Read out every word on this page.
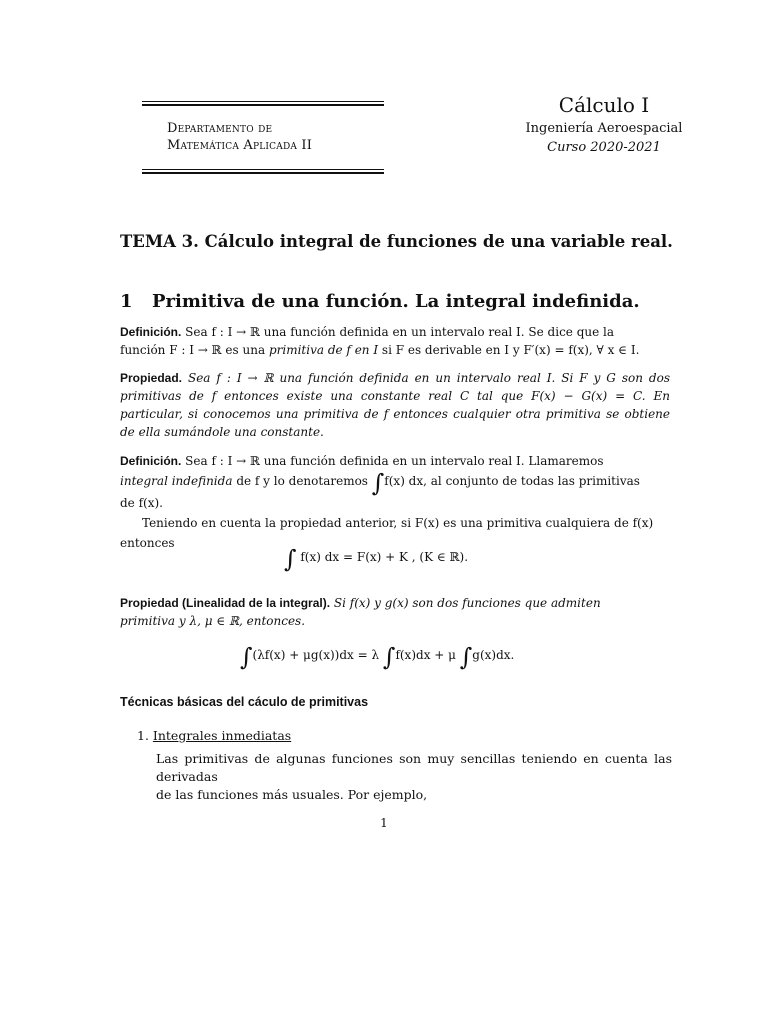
Departamento de
Matemática Aplicada II
Cálculo I
Ingeniería Aeroespacial
Curso 2020-2021
TEMA 3. Cálculo integral de funciones de una variable real.
1 Primitiva de una función. La integral indefinida.
Definición. Sea f : I → ℝ una función definida en un intervalo real I. Se dice que la
función F : I → ℝ es una primitiva de f en I si F es derivable en I y F′(x) = f(x), ∀ x ∈ I.
Propiedad. Sea f : I → ℝ una función definida en un intervalo real I. Si F y G son dos primitivas de f entonces existe una constante real C tal que F(x) − G(x) = C. En particular, si conocemos una primitiva de f entonces cualquier otra primitiva se obtiene de ella sumándole una constante.
Definición. Sea f : I → ℝ una función definida en un intervalo real I. Llamaremos
integral indefinida de f y lo denotaremos ∫f(x) dx, al conjunto de todas las primitivas
de f(x).
Teniendo en cuenta la propiedad anterior, si F(x) es una primitiva cualquiera de f(x)
entonces
∫ f(x) dx = F(x) + K , (K ∈ ℝ).
Propiedad (Linealidad de la integral). Si f(x) y g(x) son dos funciones que admiten
primitiva y λ, μ ∈ ℝ, entonces.
∫(λf(x) + μg(x))dx = λ ∫f(x)dx + μ ∫g(x)dx.
Técnicas básicas del cáculo de primitivas
1. Integrales inmediatas
Las primitivas de algunas funciones son muy sencillas teniendo en cuenta las derivadas
de las funciones más usuales. Por ejemplo,
1
